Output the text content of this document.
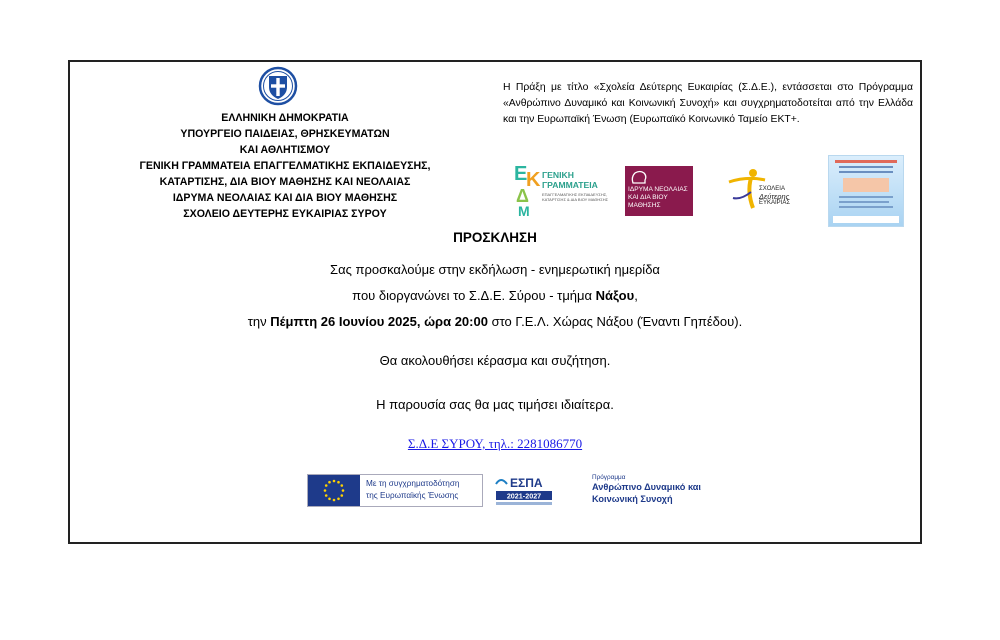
ΕΛΛΗΝΙΚΗ ΔΗΜΟΚΡΑΤΙΑ
ΥΠΟΥΡΓΕΙΟ ΠΑΙΔΕΙΑΣ, ΘΡΗΣΚΕΥΜΑΤΩΝ
ΚΑΙ ΑΘΛΗΤΙΣΜΟΥ
ΓΕΝΙΚΗ ΓΡΑΜΜΑΤΕΙΑ ΕΠΑΓΓΕΛΜΑΤΙΚΗΣ ΕΚΠΑΙΔΕΥΣΗΣ,
ΚΑΤΑΡΤΙΣΗΣ, ΔΙΑ ΒΙΟΥ ΜΑΘΗΣΗΣ ΚΑΙ ΝΕΟΛΑΙΑΣ
ΙΔΡΥΜΑ ΝΕΟΛΑΙΑΣ ΚΑΙ ΔΙΑ ΒΙΟΥ ΜΑΘΗΣΗΣ
ΣΧΟΛΕΙΟ ΔΕΥΤΕΡΗΣ ΕΥΚΑΙΡΙΑΣ ΣΥΡΟΥ
Η Πράξη με τίτλο «Σχολεία Δεύτερης Ευκαιρίας (Σ.Δ.Ε.), εντάσσεται στο Πρόγραμμα «Ανθρώπινο Δυναμικό και Κοινωνική Συνοχή» και συγχρηματοδοτείται από την Ελλάδα και την Ευρωπαϊκή Ένωση (Ευρωπαϊκό Κοινωνικό Ταμείο ΕΚΤ+.
Ε
Κ
Δ
Μ
ΓΕΝΙΚΗ ΓΡΑΜΜΑΤΕΙΑ
ΕΠΑΓΓΕΛΜΑΤΙΚΗΣ ΕΚΠΑΙΔΕΥΣΗΣ,
ΚΑΤΑΡΤΙΣΗΣ & ΔΙΑ ΒΙΟΥ ΜΑΘΗΣΗΣ
ΙΔΡΥΜΑ ΝΕΟΛΑΙΑΣ ΚΑΙ ΔΙΑ ΒΙΟΥ ΜΑΘΗΣΗΣ
ΣΧΟΛΕΙΑ
Δεύτερης
ΕΥΚΑΙΡΙΑΣ
ΠΡΟΣΚΛΗΣΗ
Σας προσκαλούμε στην εκδήλωση - ενημερωτική ημερίδα
που διοργανώνει το Σ.Δ.Ε. Σύρου - τμήμα Νάξου,
την Πέμπτη 26 Ιουνίου 2025, ώρα 20:00 στο Γ.Ε.Λ. Χώρας Νάξου (Έναντι Γηπέδου).
Θα ακολουθήσει κέρασμα και συζήτηση.
Η παρουσία σας θα μας τιμήσει ιδιαίτερα.
Σ.Δ.Ε ΣΥΡΟΥ, τηλ.: 2281086770
Με τη συγχρηματοδότηση
της Ευρωπαϊκής Ένωσης
ΕΣΠΑ
2021-2027
Πρόγραμμα
Ανθρώπινο Δυναμικό και
Κοινωνική Συνοχή
